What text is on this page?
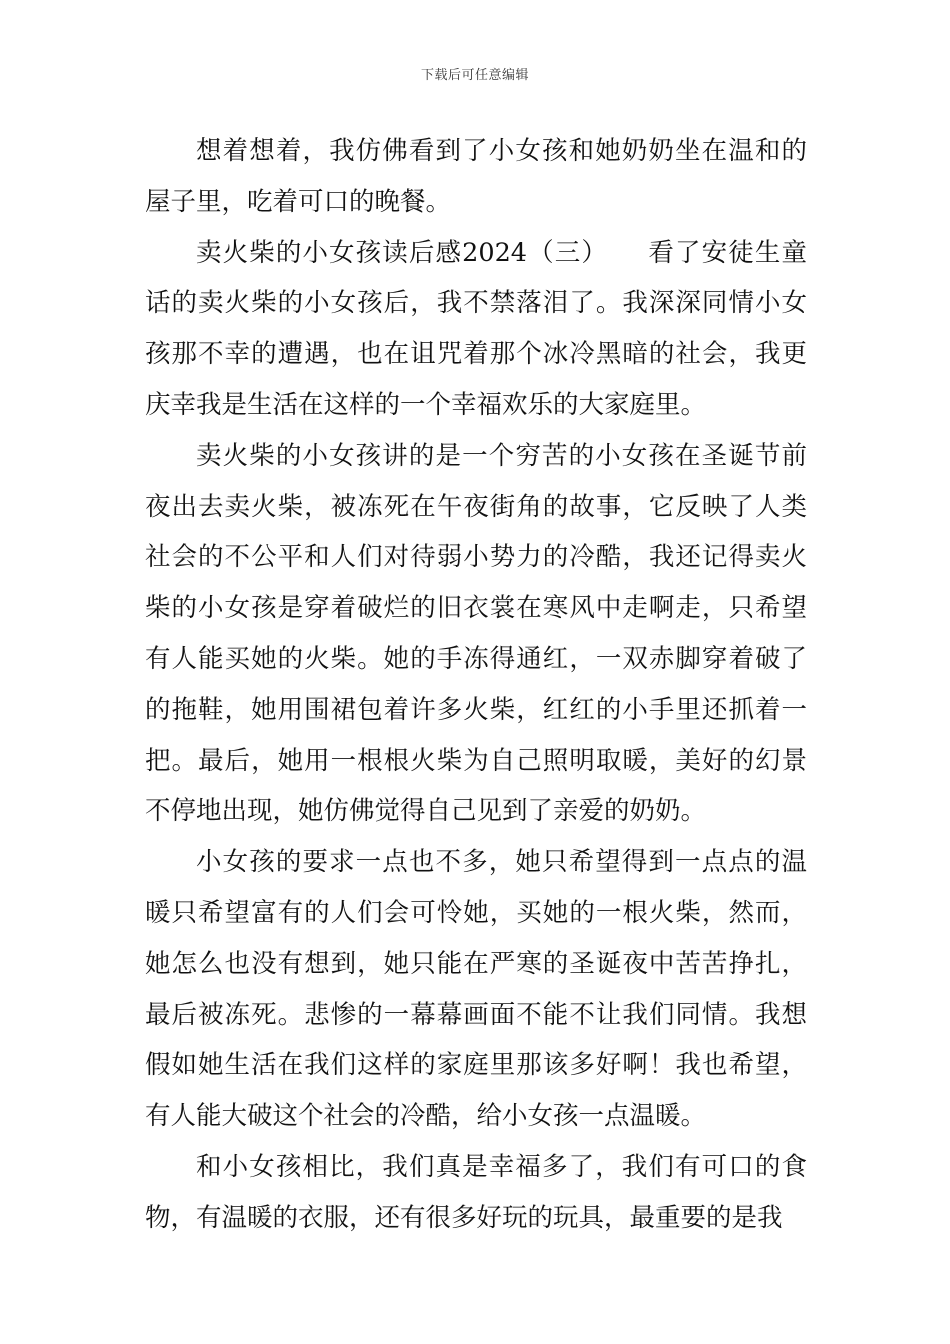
下载后可任意编辑

想着想着，我仿佛看到了小女孩和她奶奶坐在温和的屋子里，吃着可口的晚餐。

卖火柴的小女孩读后感2024（三）　　看了安徒生童话的卖火柴的小女孩后，我不禁落泪了。我深深同情小女孩那不幸的遭遇，也在诅咒着那个冰冷黑暗的社会，我更庆幸我是生活在这样的一个幸福欢乐的大家庭里。

卖火柴的小女孩讲的是一个穷苦的小女孩在圣诞节前夜出去卖火柴，被冻死在午夜街角的故事，它反映了人类社会的不公平和人们对待弱小势力的冷酷，我还记得卖火柴的小女孩是穿着破烂的旧衣裳在寒风中走啊走，只希望有人能买她的火柴。她的手冻得通红，一双赤脚穿着破了的拖鞋，她用围裙包着许多火柴，红红的小手里还抓着一把。最后，她用一根根火柴为自己照明取暖，美好的幻景不停地出现，她仿佛觉得自己见到了亲爱的奶奶。

小女孩的要求一点也不多，她只希望得到一点点的温暖只希望富有的人们会可怜她，买她的一根火柴，然而，她怎么也没有想到，她只能在严寒的圣诞夜中苦苦挣扎，最后被冻死。悲惨的一幕幕画面不能不让我们同情。我想假如她生活在我们这样的家庭里那该多好啊！我也希望，有人能大破这个社会的冷酷，给小女孩一点温暖。

和小女孩相比，我们真是幸福多了，我们有可口的食物，有温暖的衣服，还有很多好玩的玩具，最重要的是我
